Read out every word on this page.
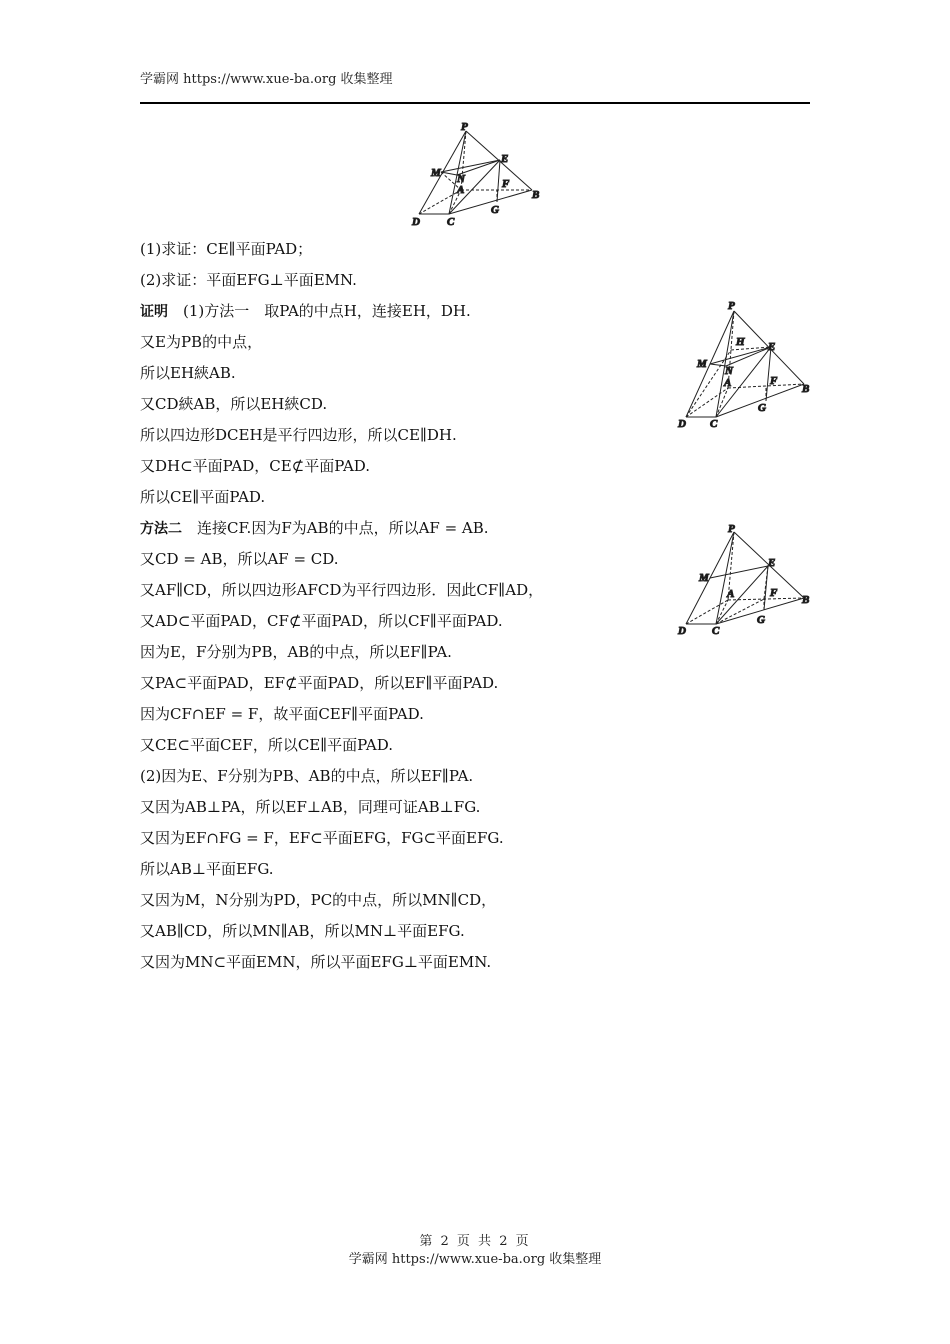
学霸网 https://www.xue-ba.org 收集整理
P
M N
A
E
F
B
G
C
D
P
H
M
N
A
E
F
B
G
C
D
P
M
A
E
F
B
G
C
D
(1)求证：CE∥平面PAD；
(2)求证：平面EFG⊥平面EMN.
证明　(1)方法一　取PA的中点H，连接EH，DH.
又E为PB的中点，
所以EH綊AB.
又CD綊AB，所以EH綊CD.
所以四边形DCEH是平行四边形，所以CE∥DH.
又DH⊂平面PAD，CE⊄平面PAD.
所以CE∥平面PAD.
方法二　连接CF.因为F为AB的中点，所以AF = AB.
又CD = AB，所以AF = CD.
又AF∥CD，所以四边形AFCD为平行四边形．因此CF∥AD，
又AD⊂平面PAD，CF⊄平面PAD，所以CF∥平面PAD.
因为E，F分别为PB，AB的中点，所以EF∥PA.
又PA⊂平面PAD，EF⊄平面PAD，所以EF∥平面PAD.
因为CF∩EF = F，故平面CEF∥平面PAD.
又CE⊂平面CEF，所以CE∥平面PAD.
(2)因为E、F分别为PB、AB的中点，所以EF∥PA.
又因为AB⊥PA，所以EF⊥AB，同理可证AB⊥FG.
又因为EF∩FG = F，EF⊂平面EFG，FG⊂平面EFG.
所以AB⊥平面EFG.
又因为M，N分别为PD，PC的中点，所以MN∥CD，
又AB∥CD，所以MN∥AB，所以MN⊥平面EFG.
又因为MN⊂平面EMN，所以平面EFG⊥平面EMN.
第 2 页 共 2 页
学霸网 https://www.xue-ba.org 收集整理
